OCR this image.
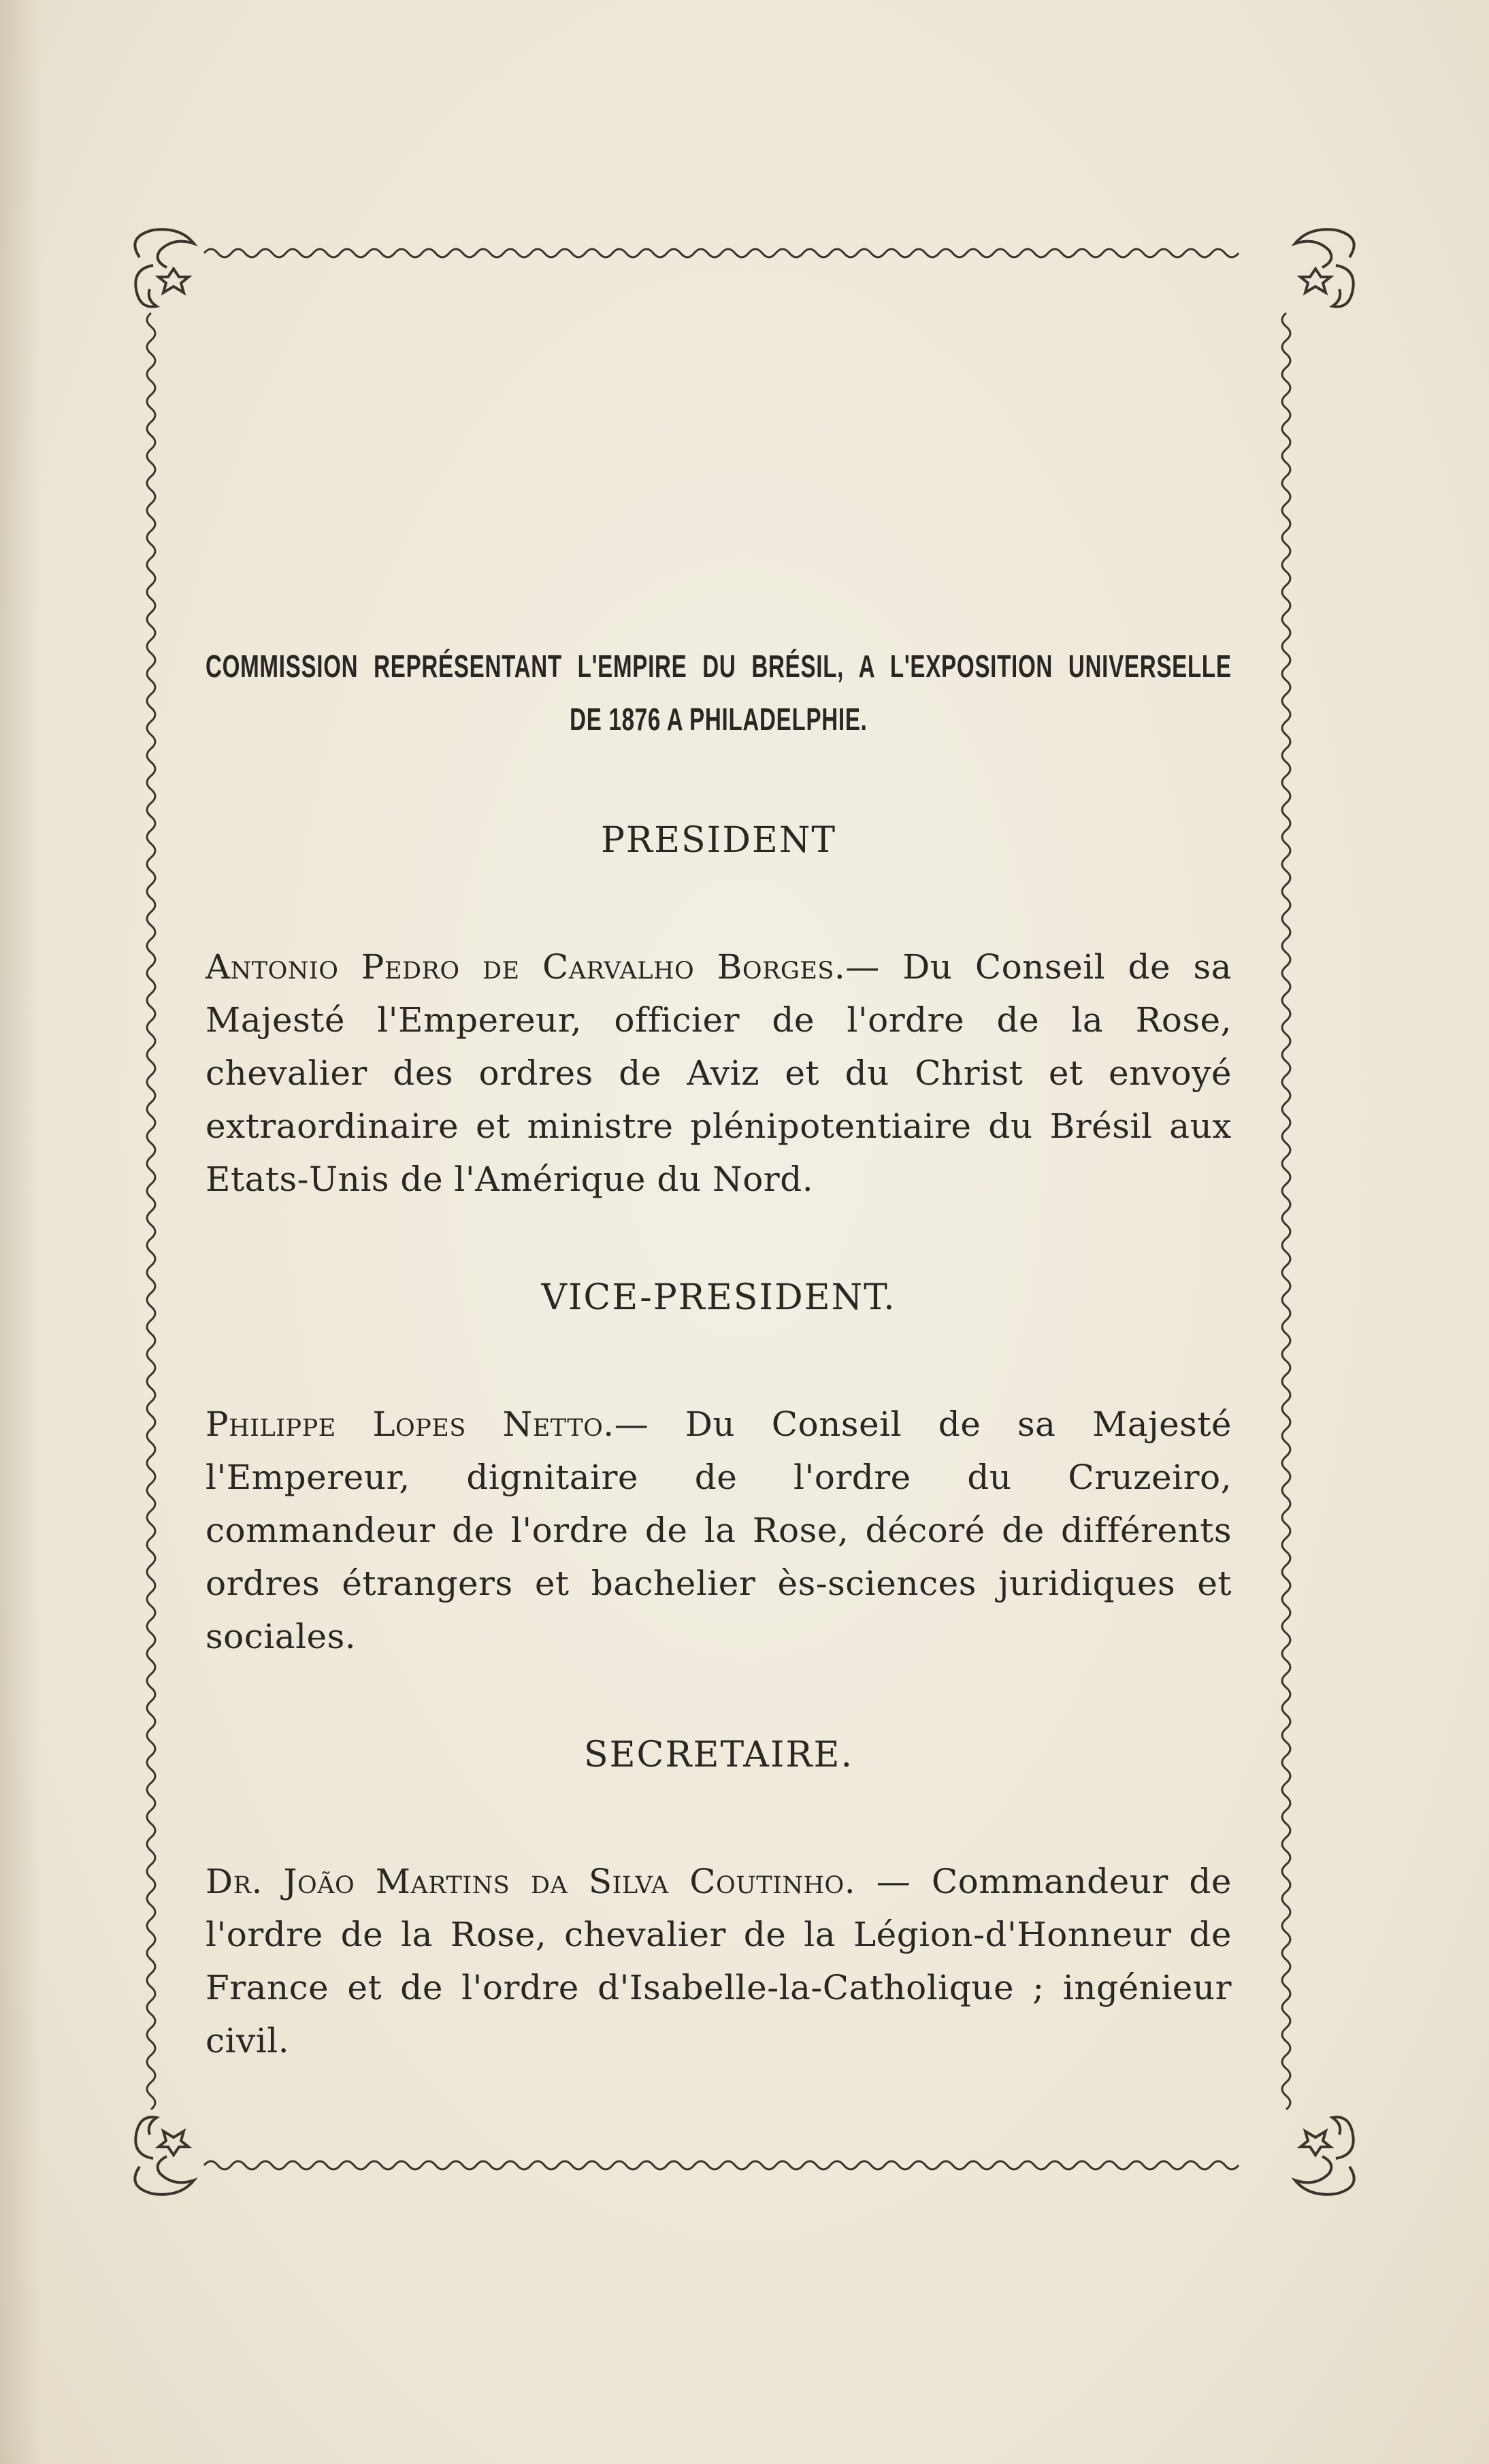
COMMISSION REPRÉSENTANT L'EMPIRE DU BRÉSIL, A L'EXPOSITION UNIVERSELLE
DE 1876 A PHILADELPHIE.
PRESIDENT

Antonio Pedro de Carvalho Borges.— Du Conseil de sa Majesté l'Empereur, officier de l'ordre de la Rose, chevalier des ordres de Aviz et du Christ et envoyé extraordinaire et ministre plénipotentiaire du Brésil aux Etats-Unis de l'Amérique du Nord.

VICE-PRESIDENT.

Philippe Lopes Netto.— Du Conseil de sa Majesté l'Empereur, dignitaire de l'ordre du Cruzeiro, commandeur de l'ordre de la Rose, décoré de différents ordres étrangers et bachelier ès-sciences juridiques et sociales.

SECRETAIRE.

Dr. João Martins da Silva Coutinho. — Commandeur de l'ordre de la Rose, chevalier de la Légion-d'Honneur de France et de l'ordre d'Isabelle-la-Catholique ; ingénieur civil.
